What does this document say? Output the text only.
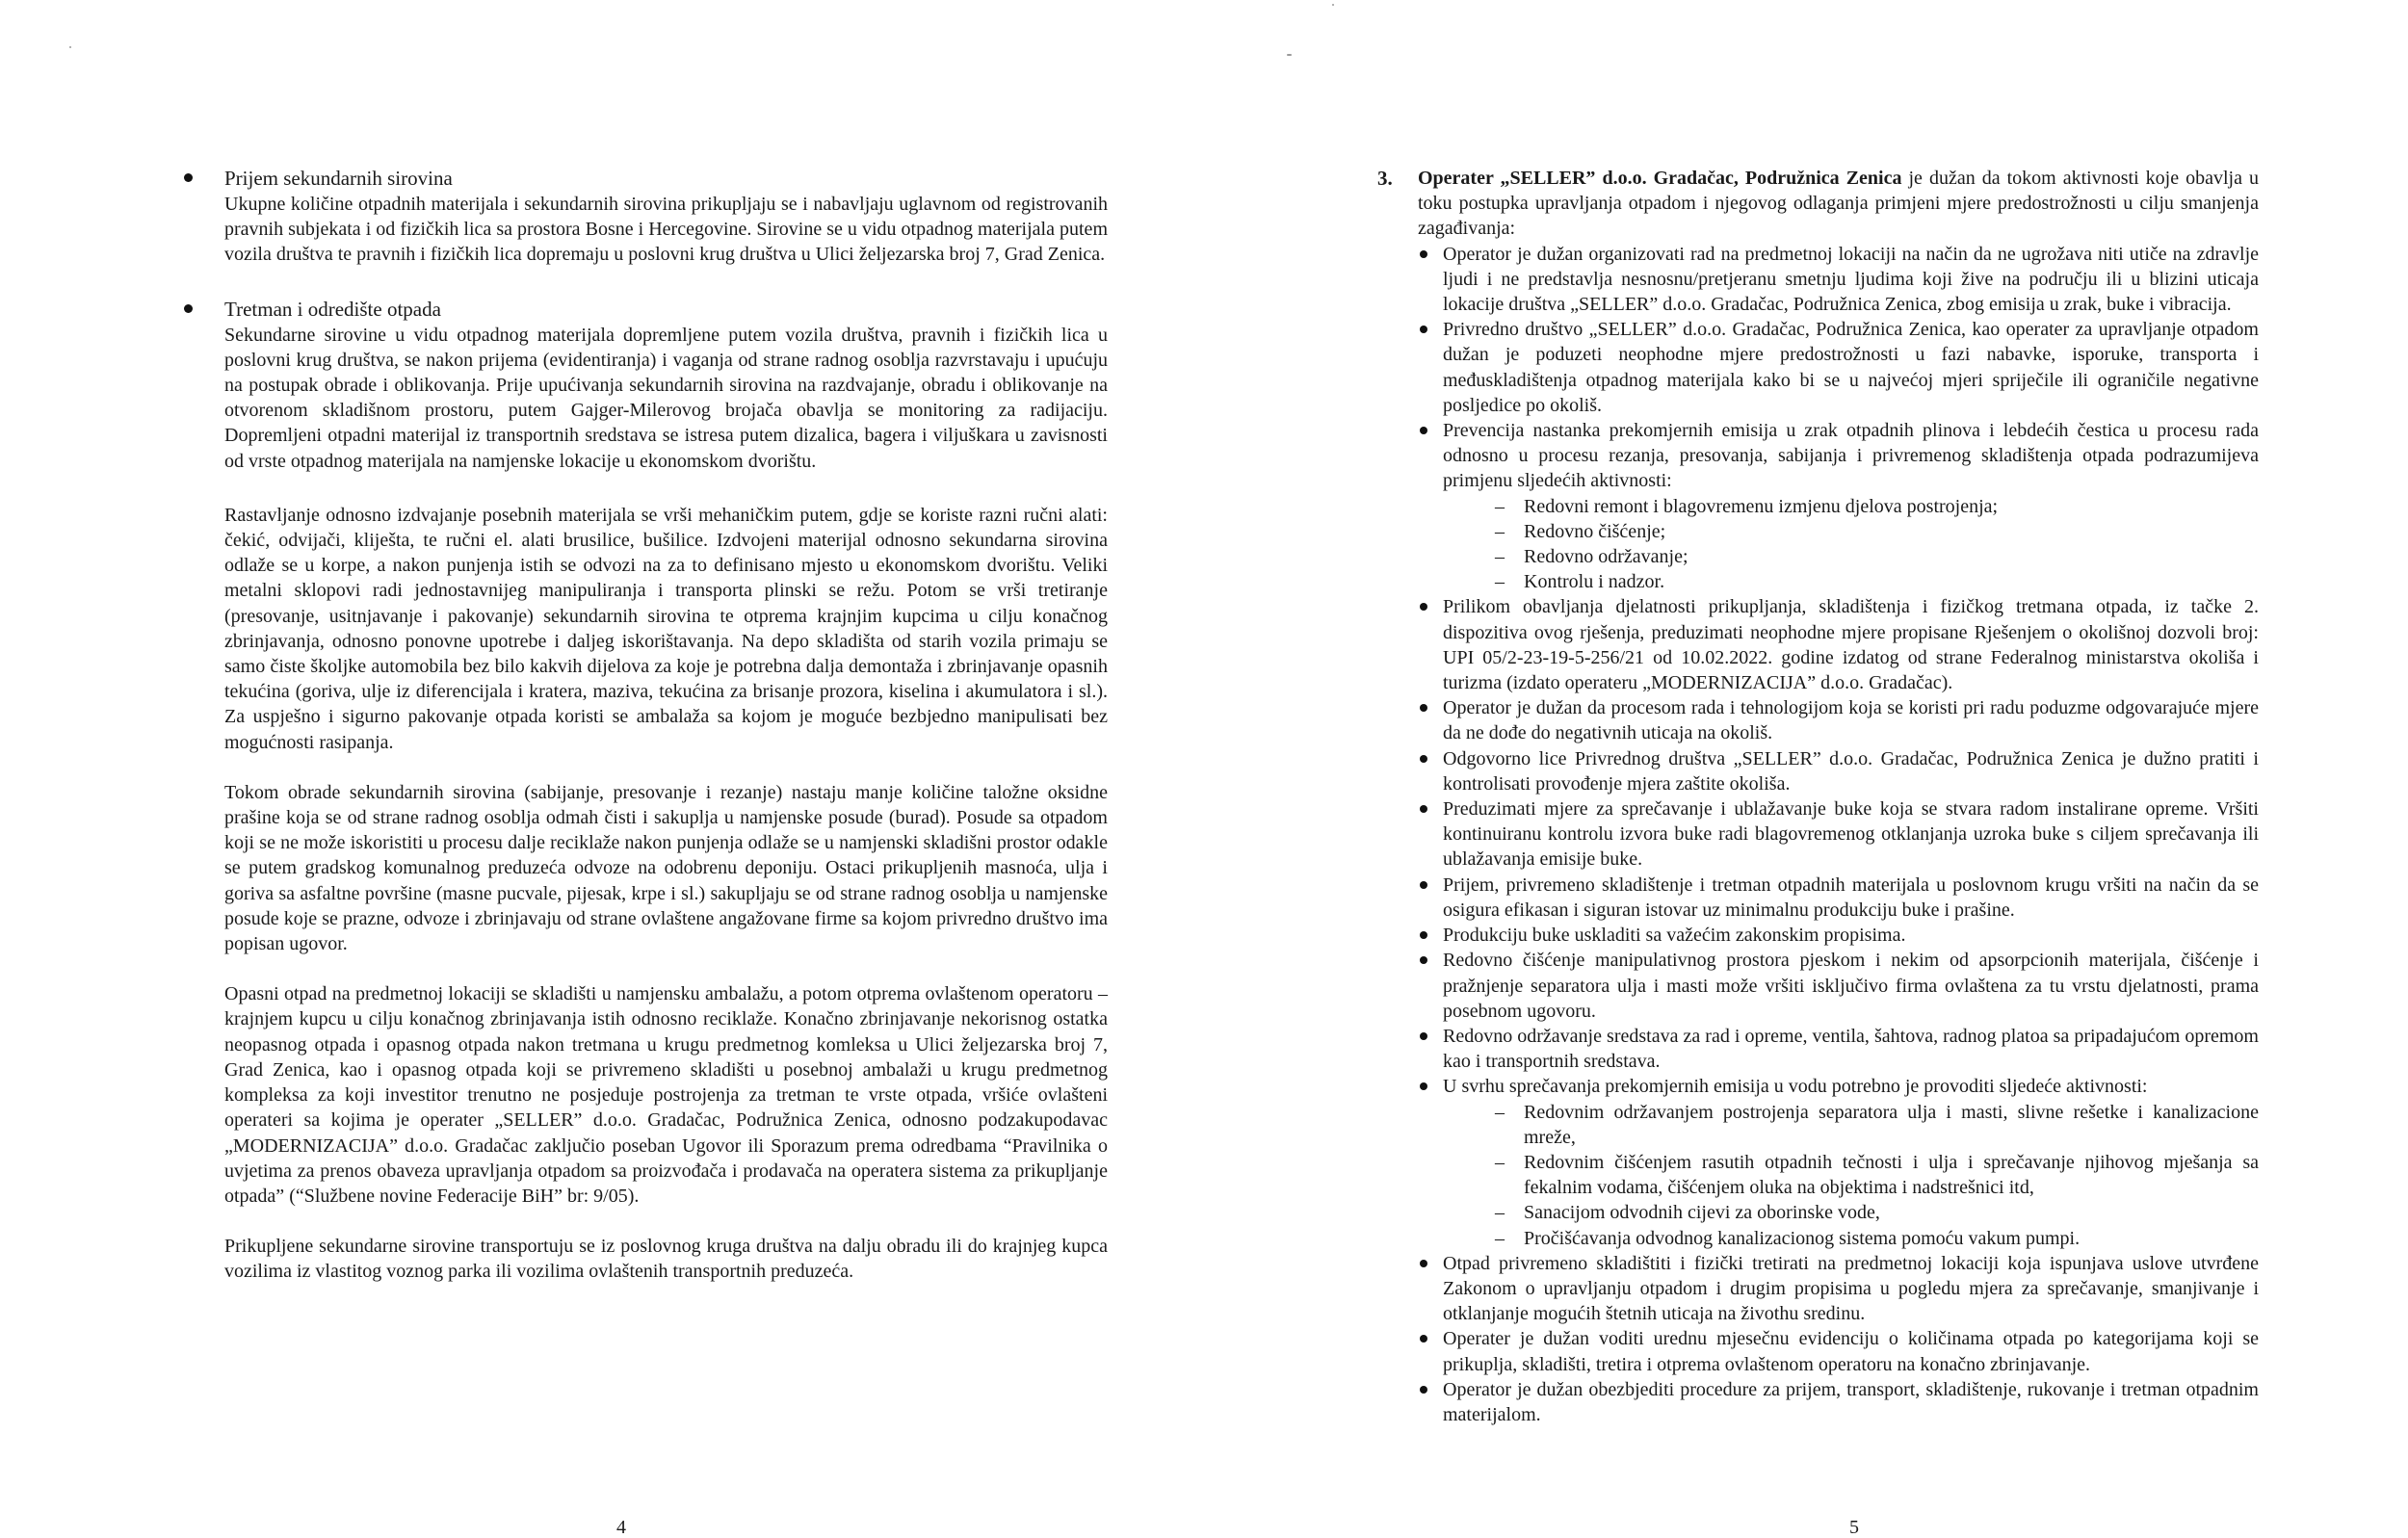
Prijem sekundarnih sirovina

Ukupne količine otpadnih materijala i sekundarnih sirovina prikupljaju se i nabavljaju uglavnom od registrovanih pravnih subjekata i od fizičkih lica sa prostora Bosne i Hercegovine. Sirovine se u vidu otpadnog materijala putem vozila društva te pravnih i fizičkih lica dopremaju u poslovni krug društva u Ulici željezarska broj 7, Grad Zenica.

Tretman i odredište otpada

Sekundarne sirovine u vidu otpadnog materijala dopremljene putem vozila društva, pravnih i fizičkih lica u poslovni krug društva, se nakon prijema (evidentiranja) i vaganja od strane radnog osoblja razvrstavaju i upućuju na postupak obrade i oblikovanja. Prije upućivanja sekundarnih sirovina na razdvajanje, obradu i oblikovanje na otvorenom skladišnom prostoru, putem Gajger-Milerovog brojača obavlja se monitoring za radijaciju. Dopremljeni otpadni materijal iz transportnih sredstava se istresa putem dizalica, bagera i viljuškara u zavisnosti od vrste otpadnog materijala na namjenske lokacije u ekonomskom dvorištu.

Rastavljanje odnosno izdvajanje posebnih materijala se vrši mehaničkim putem, gdje se koriste razni ručni alati: čekić, odvijači, kliješta, te ručni el. alati brusilice, bušilice. Izdvojeni materijal odnosno sekundarna sirovina odlaže se u korpe, a nakon punjenja istih se odvozi na za to definisano mjesto u ekonomskom dvorištu. Veliki metalni sklopovi radi jednostavnijeg manipuliranja i transporta plinski se režu. Potom se vrši tretiranje (presovanje, usitnjavanje i pakovanje) sekundarnih sirovina te otprema krajnjim kupcima u cilju konačnog zbrinjavanja, odnosno ponovne upotrebe i daljeg iskorištavanja. Na depo skladišta od starih vozila primaju se samo čiste školjke automobila bez bilo kakvih dijelova za koje je potrebna dalja demontaža i zbrinjavanje opasnih tekućina (goriva, ulje iz diferencijala i kratera, maziva, tekućina za brisanje prozora, kiselina i akumulatora i sl.). Za uspješno i sigurno pakovanje otpada koristi se ambalaža sa kojom je moguće bezbjedno manipulisati bez mogućnosti rasipanja.

Tokom obrade sekundarnih sirovina (sabijanje, presovanje i rezanje) nastaju manje količine taložne oksidne prašine koja se od strane radnog osoblja odmah čisti i sakuplja u namjenske posude (burad). Posude sa otpadom koji se ne može iskoristiti u procesu dalje reciklaže nakon punjenja odlaže se u namjenski skladišni prostor odakle se putem gradskog komunalnog preduzeća odvoze na odobrenu deponiju. Ostaci prikupljenih masnoća, ulja i goriva sa asfaltne površine (masne pucvale, pijesak, krpe i sl.) sakupljaju se od strane radnog osoblja u namjenske posude koje se prazne, odvoze i zbrinjavaju od strane ovlaštene angažovane firme sa kojom privredno društvo ima popisan ugovor.

Opasni otpad na predmetnoj lokaciji se skladišti u namjensku ambalažu, a potom otprema ovlaštenom operatoru – krajnjem kupcu u cilju konačnog zbrinjavanja istih odnosno reciklaže. Konačno zbrinjavanje nekorisnog ostatka neopasnog otpada i opasnog otpada nakon tretmana u krugu predmetnog komleksa u Ulici željezarska broj 7, Grad Zenica, kao i opasnog otpada koji se privremeno skladišti u posebnoj ambalaži u krugu predmetnog kompleksa za koji investitor trenutno ne posjeduje postrojenja za tretman te vrste otpada, vršiće ovlašteni operateri sa kojima je operater „SELLER” d.o.o. Gradačac, Podružnica Zenica, odnosno podzakupodavac „MODERNIZACIJA” d.o.o. Gradačac zaključio poseban Ugovor ili Sporazum prema odredbama “Pravilnika o uvjetima za prenos obaveza upravljanja otpadom sa proizvođača i prodavača na operatera sistema za prikupljanje otpada” (“Službene novine Federacije BiH” br: 9/05).

Prikupljene sekundarne sirovine transportuju se iz poslovnog kruga društva na dalju obradu ili do krajnjeg kupca vozilima iz vlastitog voznog parka ili vozilima ovlaštenih transportnih preduzeća.

4
3. Operater „SELLER” d.o.o. Gradačac, Podružnica Zenica je dužan da tokom aktivnosti koje obavlja u toku postupka upravljanja otpadom i njegovog odlaganja primjeni mjere predostrožnosti u cilju smanjenja zagađivanja:

Operator je dužan organizovati rad na predmetnoj lokaciji na način da ne ugrožava niti utiče na zdravlje ljudi i ne predstavlja nesnosnu/pretjeranu smetnju ljudima koji žive na području ili u blizini uticaja lokacije društva „SELLER” d.o.o. Gradačac, Podružnica Zenica, zbog emisija u zrak, buke i vibracija.

Privredno društvo „SELLER” d.o.o. Gradačac, Podružnica Zenica, kao operater za upravljanje otpadom dužan je poduzeti neophodne mjere predostrožnosti u fazi nabavke, isporuke, transporta i međuskladištenja otpadnog materijala kako bi se u najvećoj mjeri spriječile ili ograničile negativne posljedice po okoliš.

Prevencija nastanka prekomjernih emisija u zrak otpadnih plinova i lebdećih čestica u procesu rada odnosno u procesu rezanja, presovanja, sabijanja i privremenog skladištenja otpada podrazumijeva primjenu sljedećih aktivnosti:

– Redovni remont i blagovremenu izmjenu djelova postrojenja;

– Redovno čišćenje;

– Redovno održavanje;

– Kontrolu i nadzor.

Prilikom obavljanja djelatnosti prikupljanja, skladištenja i fizičkog tretmana otpada, iz tačke 2. dispozitiva ovog rješenja, preduzimati neophodne mjere propisane Rješenjem o okolišnoj dozvoli broj: UPI 05/2-23-19-5-256/21 od 10.02.2022. godine izdatog od strane Federalnog ministarstva okoliša i turizma (izdato operateru „MODERNIZACIJA” d.o.o. Gradačac).

Operator je dužan da procesom rada i tehnologijom koja se koristi pri radu poduzme odgovarajuće mjere da ne dođe do negativnih uticaja na okoliš.

Odgovorno lice Privrednog društva „SELLER” d.o.o. Gradačac, Podružnica Zenica je dužno pratiti i kontrolisati provođenje mjera zaštite okoliša.

Preduzimati mjere za sprečavanje i ublažavanje buke koja se stvara radom instalirane opreme. Vršiti kontinuiranu kontrolu izvora buke radi blagovremenog otklanjanja uzroka buke s ciljem sprečavanja ili ublažavanja emisije buke.

Prijem, privremeno skladištenje i tretman otpadnih materijala u poslovnom krugu vršiti na način da se osigura efikasan i siguran istovar uz minimalnu produkciju buke i prašine.

Produkciju buke uskladiti sa važećim zakonskim propisima.

Redovno čišćenje manipulativnog prostora pjeskom i nekim od apsorpcionih materijala, čišćenje i pražnjenje separatora ulja i masti može vršiti isključivo firma ovlaštena za tu vrstu djelatnosti, prama posebnom ugovoru.

Redovno održavanje sredstava za rad i opreme, ventila, šahtova, radnog platoa sa pripadajućom opremom kao i transportnih sredstava.

U svrhu sprečavanja prekomjernih emisija u vodu potrebno je provoditi sljedeće aktivnosti:

– Redovnim održavanjem postrojenja separatora ulja i masti, slivne rešetke i kanalizacione mreže,

– Redovnim čišćenjem rasutih otpadnih tečnosti i ulja i sprečavanje njihovog mješanja sa fekalnim vodama, čišćenjem oluka na objektima i nadstrešnici itd,

– Sanacijom odvodnih cijevi za oborinske vode,

– Pročišćavanja odvodnog kanalizacionog sistema pomoću vakum pumpi.

Otpad privremeno skladištiti i fizički tretirati na predmetnoj lokaciji koja ispunjava uslove utvrđene Zakonom o upravljanju otpadom i drugim propisima u pogledu mjera za sprečavanje, smanjivanje i otklanjanje mogućih štetnih uticaja na živothu sredinu.

Operater je dužan voditi urednu mjesečnu evidenciju o količinama otpada po kategorijama koji se prikuplja, skladišti, tretira i otprema ovlaštenom operatoru na konačno zbrinjavanje.

Operator je dužan obezbjediti procedure za prijem, transport, skladištenje, rukovanje i tretman otpadnim materijalom.

5
